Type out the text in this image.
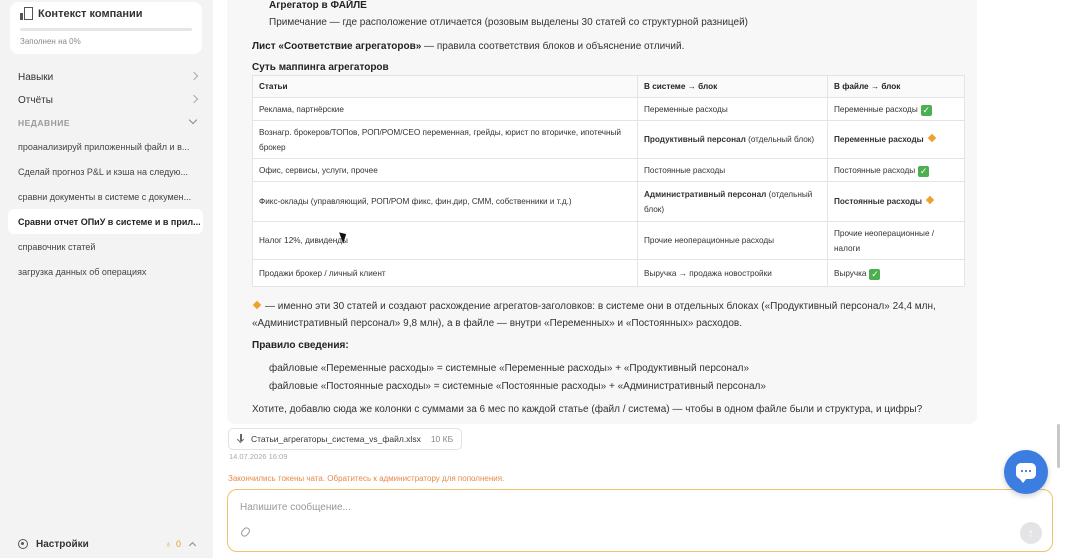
Контекст компании
Заполнен на 0%
Навыки
Отчёты
НЕДАВНИЕ
проанализируй приложенный файл и в...
Сделай прогноз P&L и кэша на следую...
сравни документы в системе с докумен...
Сравни отчет ОПиУ в системе и в прил...
справочник статей
загрузка данных об операциях
Настройки	♁ 0
Агрегатор в ФАЙЛЕ
Примечание — где расположение отличается (розовым выделены 30 статей со структурной разницей)
Лист «Соответствие агрегаторов» — правила соответствия блоков и объяснение отличий.
Суть маппинга агрегаторов
Статьи	В системе → блок	В файле → блок
Реклама, партнёрские	Переменные расходы	Переменные расходы ✓
Вознагр. брокеров/ТОПов, РОП/РОМ/CEO переменная, грейды, юрист по вторичке, ипотечный брокер	Продуктивный персонал (отдельный блок)	Переменные расходы
Офис, сервисы, услуги, прочее	Постоянные расходы	Постоянные расходы ✓
Фикс-оклады (управляющий, РОП/РОМ фикс, фин.дир, СММ, собственники и т.д.)	Административный персонал (отдельный блок)	Постоянные расходы
Налог 12%, дивиденды	Прочие неоперационные расходы	Прочие неоперационные / налоги
Продажи брокер / личный клиент	Выручка → продажа новостройки	Выручка ✓
— именно эти 30 статей и создают расхождение агрегатов-заголовков: в системе они в отдельных блоках («Продуктивный персонал» 24,4 млн, «Административный персонал» 9,8 млн), а в файле — внутри «Переменных» и «Постоянных» расходов.
Правило сведения:
файловые «Переменные расходы» = системные «Переменные расходы» + «Продуктивный персонал»
файловые «Постоянные расходы» = системные «Постоянные расходы» + «Административный персонал»
Хотите, добавлю сюда же колонки с суммами за 6 мес по каждой статье (файл / система) — чтобы в одном файле были и структура, и цифры?
Статьи_агрегаторы_система_vs_файл.xlsx 10 КБ
14.07.2026 16:09
Закончились токены чата. Обратитесь к администратору для пополнения.
Напишите сообщение...
↑
